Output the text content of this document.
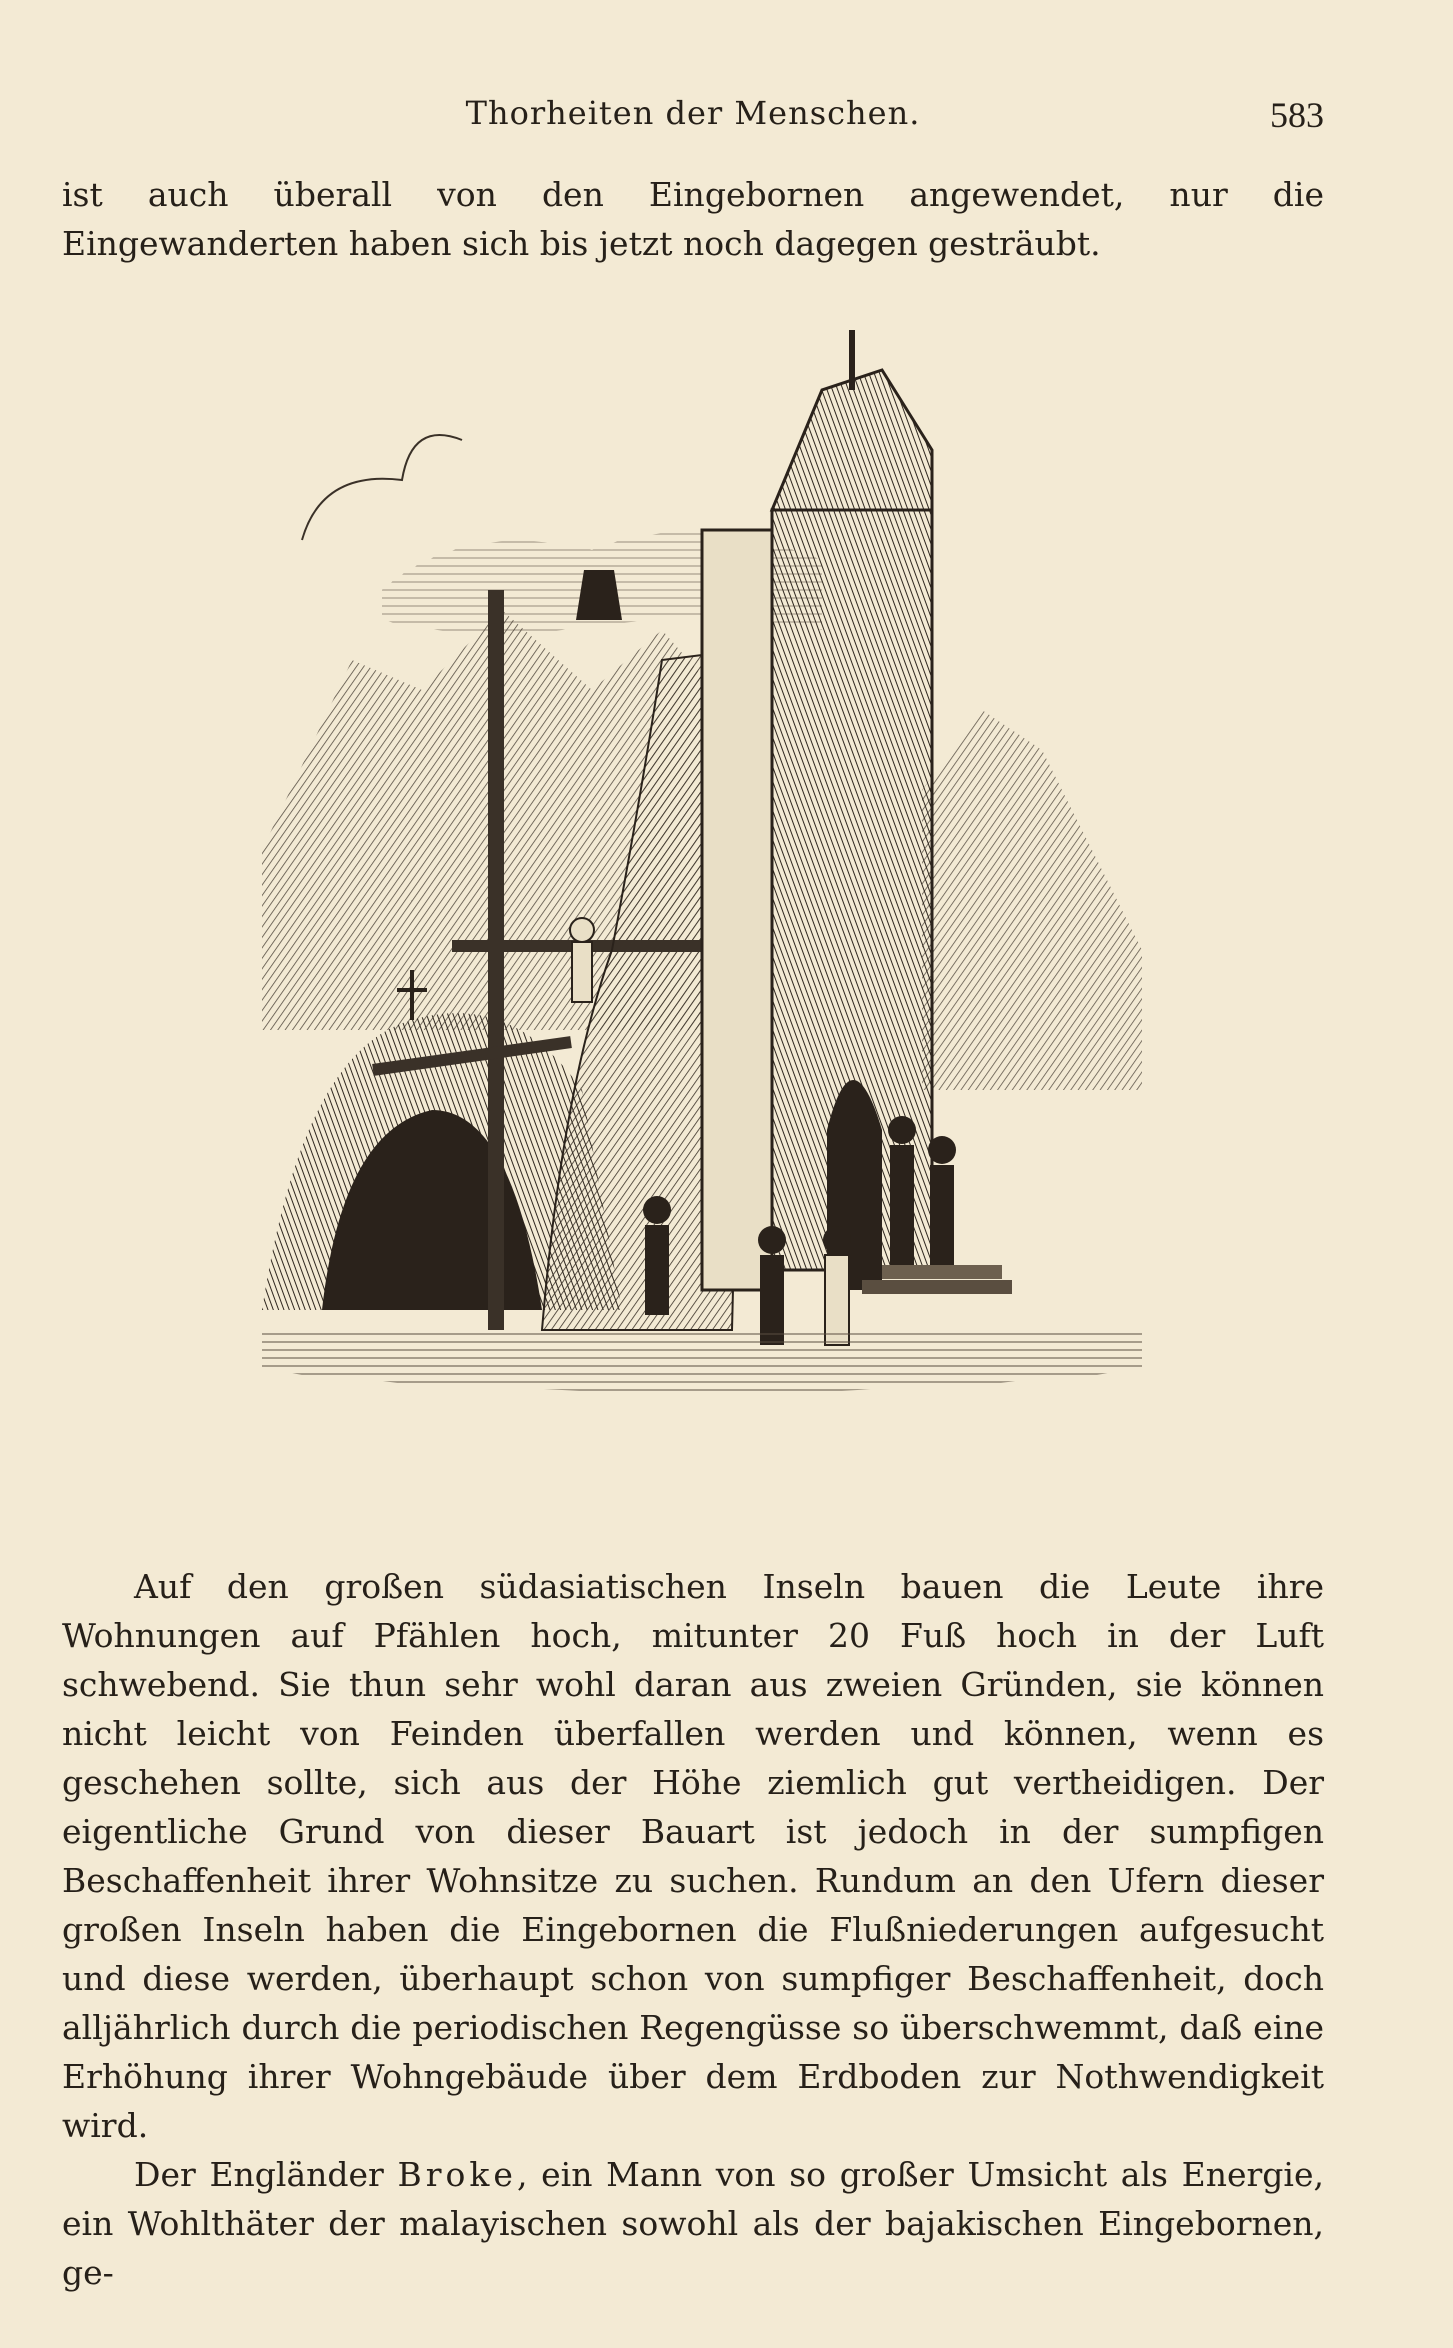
Thorheiten der Menschen.	583

ist auch überall von den Eingebornen angewendet, nur die Eingewanderten haben sich bis jetzt noch dagegen gesträubt.

Auf den großen südasiatischen Inseln bauen die Leute ihre Wohnungen auf Pfählen hoch, mitunter 20 Fuß hoch in der Luft schwebend. Sie thun sehr wohl daran aus zweien Gründen, sie können nicht leicht von Feinden überfallen werden und können, wenn es geschehen sollte, sich aus der Höhe ziemlich gut vertheidigen. Der eigentliche Grund von dieser Bauart ist jedoch in der sumpfigen Beschaffenheit ihrer Wohnsitze zu suchen. Rundum an den Ufern dieser großen Inseln haben die Eingebornen die Flußniederungen aufgesucht und diese werden, überhaupt schon von sumpfiger Beschaffenheit, doch alljährlich durch die periodischen Regengüsse so überschwemmt, daß eine Erhöhung ihrer Wohngebäude über dem Erdboden zur Nothwendigkeit wird.

Der Engländer Broke, ein Mann von so großer Umsicht als Energie, ein Wohlthäter der malayischen sowohl als der bajakischen Eingebornen, ge-
